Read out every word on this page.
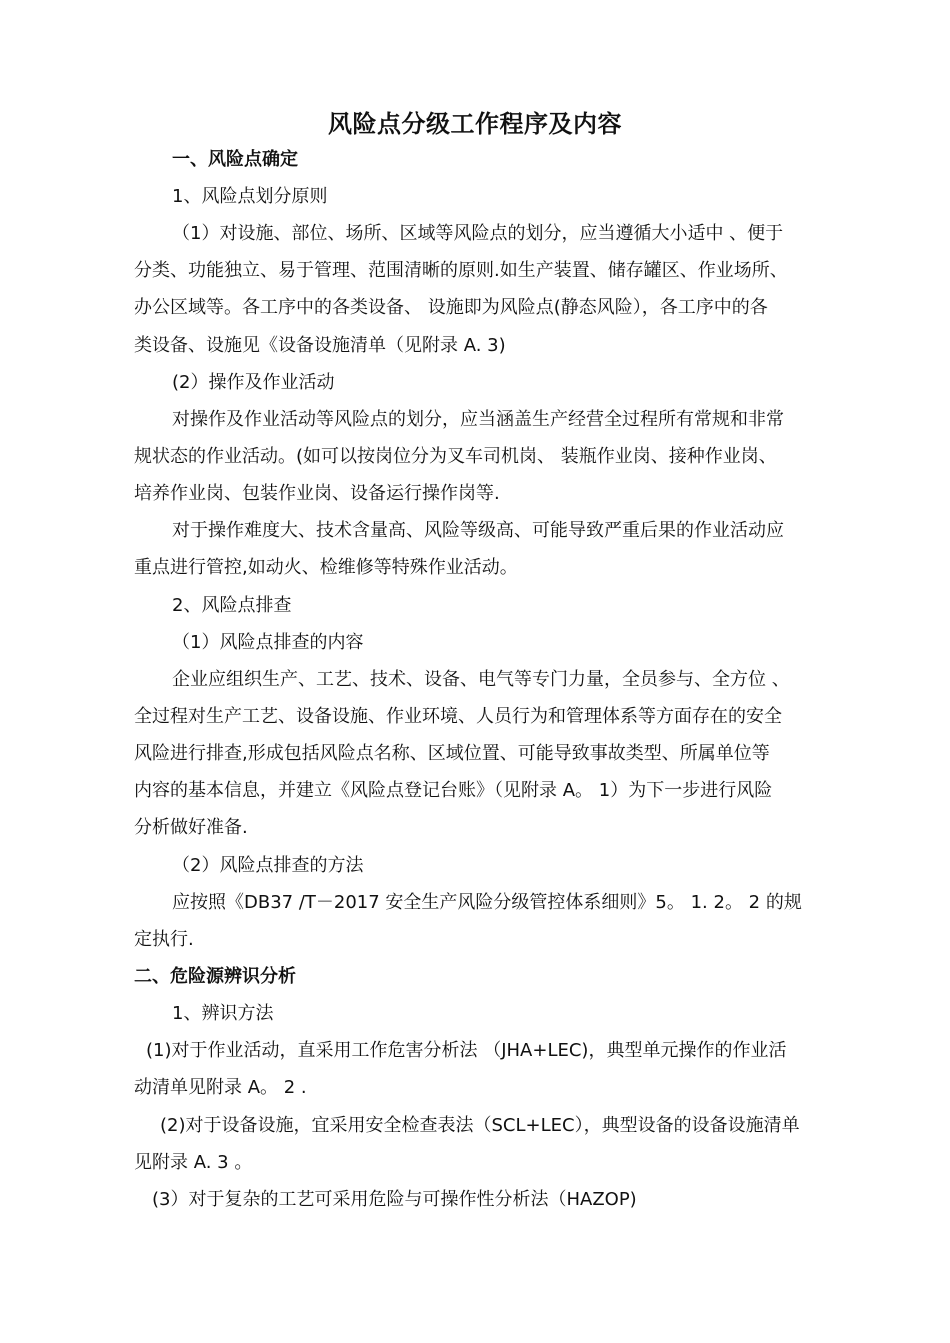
风险点分级工作程序及内容
一、风险点确定
1、风险点划分原则
（1）对设施、部位、场所、区域等风险点的划分，应当遵循大小适中 、便于
分类、功能独立、易于管理、范围清晰的原则.如生产装置、储存罐区、作业场所、
办公区域等。各工序中的各类设备、 设施即为风险点(静态风险），各工序中的各
类设备、设施见《设备设施清单（见附录 A. 3)
(2）操作及作业活动
对操作及作业活动等风险点的划分，应当涵盖生产经营全过程所有常规和非常
规状态的作业活动。(如可以按岗位分为叉车司机岗、 装瓶作业岗、接种作业岗、
培养作业岗、包装作业岗、设备运行操作岗等.
对于操作难度大、技术含量高、风险等级高、可能导致严重后果的作业活动应
重点进行管控,如动火、检维修等特殊作业活动。
2、风险点排查
（1）风险点排查的内容
企业应组织生产、工艺、技术、设备、电气等专门力量，全员参与、全方位 、
全过程对生产工艺、设备设施、作业环境、人员行为和管理体系等方面存在的安全
风险进行排查,形成包括风险点名称、区域位置、可能导致事故类型、所属单位等
内容的基本信息，并建立《风险点登记台账》（见附录 A。 1）为下一步进行风险
分析做好准备.
（2）风险点排查的方法
应按照《DB37 /T－2017 安全生产风险分级管控体系细则》5。 1. 2。 2 的规
定执行.
二、危险源辨识分析
1、辨识方法
(1)对于作业活动，直采用工作危害分析法 （JHA+LEC)，典型单元操作的作业活
动清单见附录 A。 2 .
(2)对于设备设施，宜采用安全检查表法（SCL+LEC），典型设备的设备设施清单
见附录 A. 3 。
(3）对于复杂的工艺可采用危险与可操作性分析法（HAZOP)
